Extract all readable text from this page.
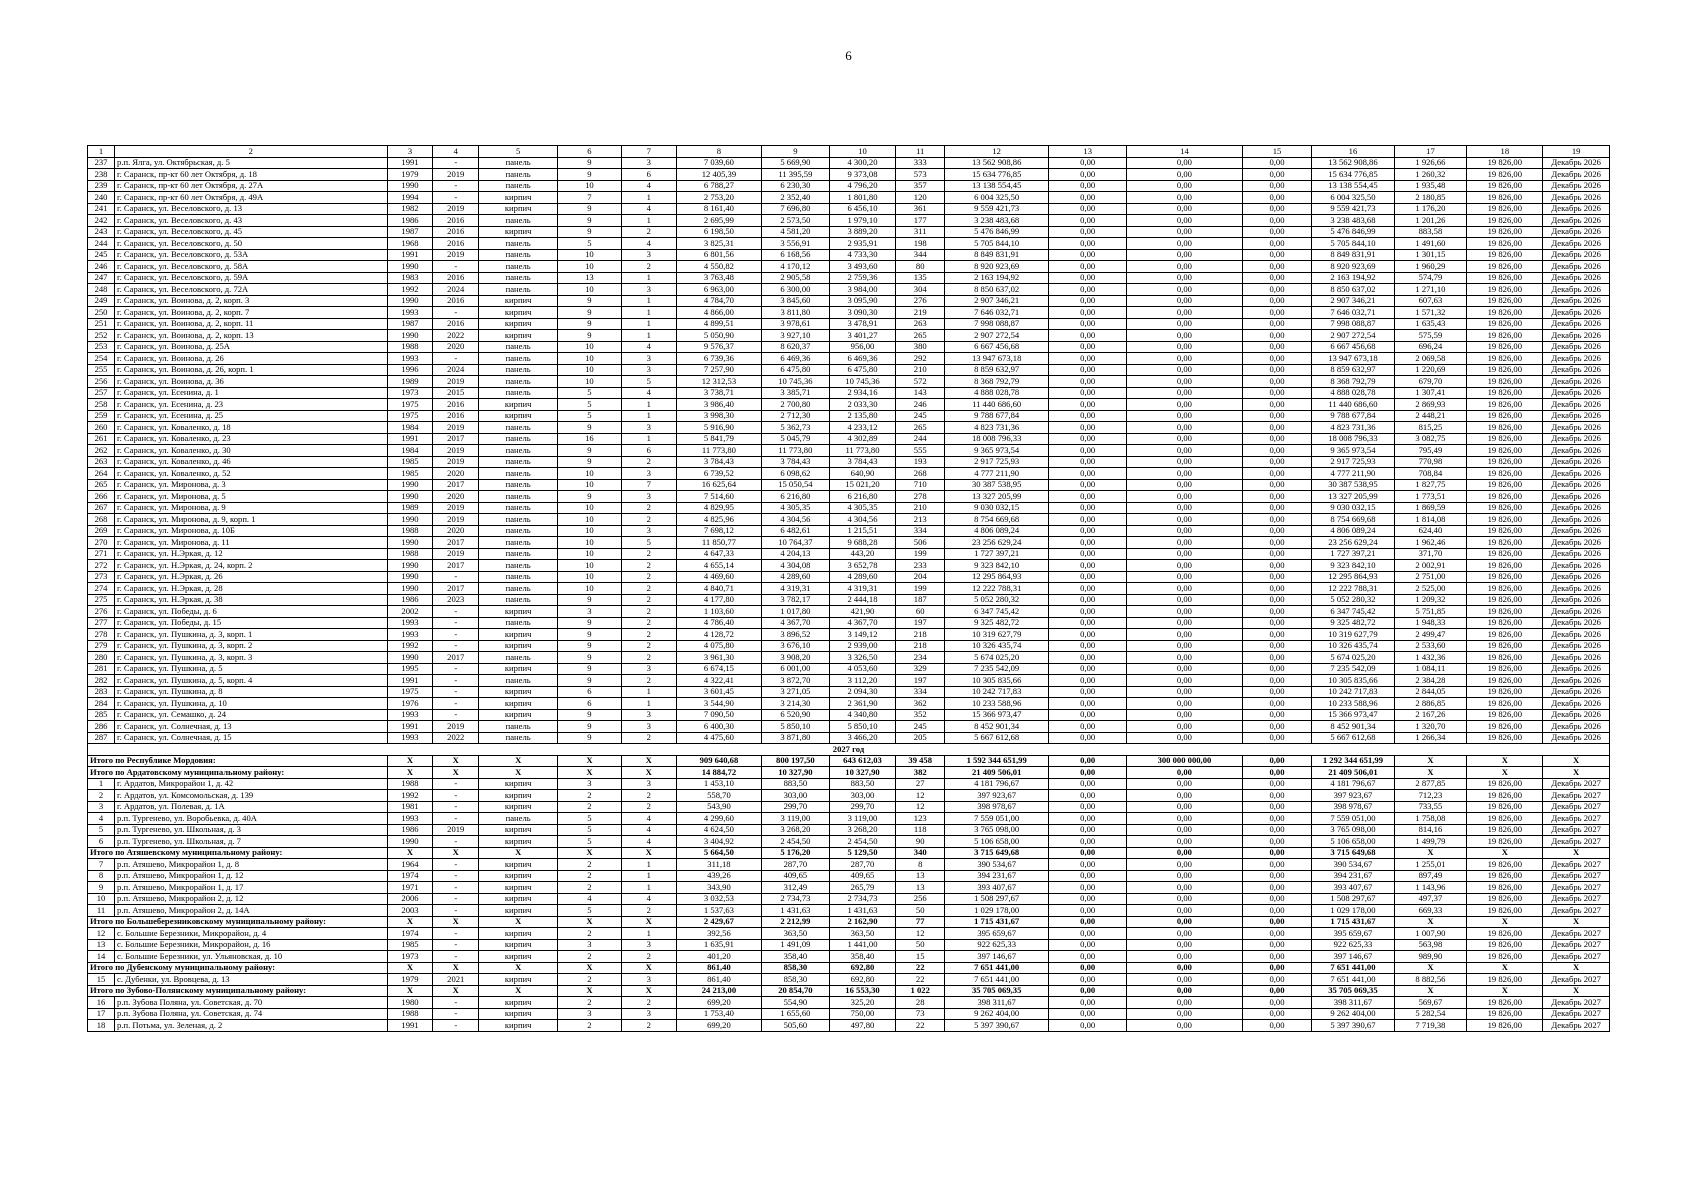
6
1	2	3	4	5	6	7	8	9	10	11	12	13	14	15	16	17	18	19
237	р.п. Ялга, ул. Октябрьская, д. 5	1991	-	панель	9	3	7 039,60	5 669,90	4 300,20	333	13 562 908,86	0,00	0,00	0,00	13 562 908,86	1 926,66	19 826,00	Декабрь 2026
238	г. Саранск, пр-кт 60 лет Октября, д. 18	1979	2019	панель	9	6	12 405,39	11 395,59	9 373,08	573	15 634 776,85	0,00	0,00	0,00	15 634 776,85	1 260,32	19 826,00	Декабрь 2026
239	г. Саранск, пр-кт 60 лет Октября, д. 27А	1990	-	панель	10	4	6 788,27	6 230,30	4 796,20	357	13 138 554,45	0,00	0,00	0,00	13 138 554,45	1 935,48	19 826,00	Декабрь 2026
240	г. Саранск, пр-кт 60 лет Октября, д. 49А	1994	-	кирпич	7	1	2 753,20	2 352,40	1 801,80	120	6 004 325,50	0,00	0,00	0,00	6 004 325,50	2 180,85	19 826,00	Декабрь 2026
241	г. Саранск, ул. Веселовского, д. 13	1982	2019	кирпич	9	4	8 161,40	7 696,80	6 456,10	361	9 559 421,73	0,00	0,00	0,00	9 559 421,73	1 176,20	19 826,00	Декабрь 2026
242	г. Саранск, ул. Веселовского, д. 43	1986	2016	панель	9	1	2 695,99	2 573,50	1 979,10	177	3 238 483,68	0,00	0,00	0,00	3 238 483,68	1 201,26	19 826,00	Декабрь 2026
243	г. Саранск, ул. Веселовского, д. 45	1987	2016	кирпич	9	2	6 198,50	4 581,20	3 889,20	311	5 476 846,99	0,00	0,00	0,00	5 476 846,99	883,58	19 826,00	Декабрь 2026
244	г. Саранск, ул. Веселовского, д. 50	1968	2016	панель	5	4	3 825,31	3 556,91	2 935,91	198	5 705 844,10	0,00	0,00	0,00	5 705 844,10	1 491,60	19 826,00	Декабрь 2026
245	г. Саранск, ул. Веселовского, д. 53А	1991	2019	панель	10	3	6 801,56	6 168,56	4 733,30	344	8 849 831,91	0,00	0,00	0,00	8 849 831,91	1 301,15	19 826,00	Декабрь 2026
246	г. Саранск, ул. Веселовского, д. 58А	1990	-	панель	10	2	4 550,82	4 170,12	3 493,60	80	8 920 923,69	0,00	0,00	0,00	8 920 923,69	1 960,29	19 826,00	Декабрь 2026
247	г. Саранск, ул. Веселовского, д. 59А	1983	2016	панель	13	1	3 763,48	2 905,58	2 759,36	135	2 163 194,92	0,00	0,00	0,00	2 163 194,92	574,79	19 826,00	Декабрь 2026
248	г. Саранск, ул. Веселовского, д. 72А	1992	2024	панель	10	3	6 963,00	6 300,00	3 984,00	304	8 850 637,02	0,00	0,00	0,00	8 850 637,02	1 271,10	19 826,00	Декабрь 2026
249	г. Саранск, ул. Воинова, д. 2, корп. 3	1990	2016	кирпич	9	1	4 784,70	3 845,60	3 095,90	276	2 907 346,21	0,00	0,00	0,00	2 907 346,21	607,63	19 826,00	Декабрь 2026
250	г. Саранск, ул. Воинова, д. 2, корп. 7	1993	-	кирпич	9	1	4 866,00	3 811,80	3 090,30	219	7 646 032,71	0,00	0,00	0,00	7 646 032,71	1 571,32	19 826,00	Декабрь 2026
251	г. Саранск, ул. Воинова, д. 2, корп. 11	1987	2016	кирпич	9	1	4 899,51	3 978,61	3 478,91	263	7 998 088,87	0,00	0,00	0,00	7 998 088,87	1 635,43	19 826,00	Декабрь 2026
252	г. Саранск, ул. Воинова, д. 2, корп. 13	1990	2022	кирпич	9	1	5 050,90	3 927,10	3 401,27	265	2 907 272,54	0,00	0,00	0,00	2 907 272,54	575,59	19 826,00	Декабрь 2026
253	г. Саранск, ул. Воинова, д. 25А	1988	2020	панель	10	4	9 576,37	8 620,37	956,00	380	6 667 456,68	0,00	0,00	0,00	6 667 456,68	696,24	19 826,00	Декабрь 2026
254	г. Саранск, ул. Воинова, д. 26	1993	-	панель	10	3	6 739,36	6 469,36	6 469,36	292	13 947 673,18	0,00	0,00	0,00	13 947 673,18	2 069,58	19 826,00	Декабрь 2026
255	г. Саранск, ул. Воинова, д. 26, корп. 1	1996	2024	панель	10	3	7 257,90	6 475,80	6 475,80	210	8 859 632,97	0,00	0,00	0,00	8 859 632,97	1 220,69	19 826,00	Декабрь 2026
256	г. Саранск, ул. Воинова, д. 36	1989	2019	панель	10	5	12 312,53	10 745,36	10 745,36	572	8 368 792,79	0,00	0,00	0,00	8 368 792,79	679,70	19 826,00	Декабрь 2026
257	г. Саранск, ул. Есенина, д. 1	1973	2015	панель	5	4	3 738,71	3 385,71	2 934,16	143	4 888 028,78	0,00	0,00	0,00	4 888 028,78	1 307,41	19 826,00	Декабрь 2026
258	г. Саранск, ул. Есенина, д. 23	1975	2016	кирпич	5	1	3 986,40	2 700,80	2 033,30	246	11 440 686,60	0,00	0,00	0,00	11 440 686,60	2 869,93	19 826,00	Декабрь 2026
259	г. Саранск, ул. Есенина, д. 25	1975	2016	кирпич	5	1	3 998,30	2 712,30	2 135,80	245	9 788 677,84	0,00	0,00	0,00	9 788 677,84	2 448,21	19 826,00	Декабрь 2026
260	г. Саранск, ул. Коваленко, д. 18	1984	2019	панель	9	3	5 916,90	5 362,73	4 233,12	265	4 823 731,36	0,00	0,00	0,00	4 823 731,36	815,25	19 826,00	Декабрь 2026
261	г. Саранск, ул. Коваленко, д. 23	1991	2017	панель	16	1	5 841,79	5 045,79	4 302,89	244	18 008 796,33	0,00	0,00	0,00	18 008 796,33	3 082,75	19 826,00	Декабрь 2026
262	г. Саранск, ул. Коваленко, д. 30	1984	2019	панель	9	6	11 773,80	11 773,80	11 773,80	555	9 365 973,54	0,00	0,00	0,00	9 365 973,54	795,49	19 826,00	Декабрь 2026
263	г. Саранск, ул. Коваленко, д. 46	1985	2019	панель	9	2	3 784,43	3 784,43	3 784,43	193	2 917 725,93	0,00	0,00	0,00	2 917 725,93	770,98	19 826,00	Декабрь 2026
264	г. Саранск, ул. Коваленко, д. 52	1985	2020	панель	10	3	6 739,52	6 098,62	640,90	268	4 777 211,90	0,00	0,00	0,00	4 777 211,90	708,84	19 826,00	Декабрь 2026
265	г. Саранск, ул. Миронова, д. 3	1990	2017	панель	10	7	16 625,64	15 050,54	15 021,20	710	30 387 538,95	0,00	0,00	0,00	30 387 538,95	1 827,75	19 826,00	Декабрь 2026
266	г. Саранск, ул. Миронова, д. 5	1990	2020	панель	9	3	7 514,60	6 216,80	6 216,80	278	13 327 205,99	0,00	0,00	0,00	13 327 205,99	1 773,51	19 826,00	Декабрь 2026
267	г. Саранск, ул. Миронова, д. 9	1989	2019	панель	10	2	4 829,95	4 305,35	4 305,35	210	9 030 032,15	0,00	0,00	0,00	9 030 032,15	1 869,59	19 826,00	Декабрь 2026
268	г. Саранск, ул. Миронова, д. 9, корп. 1	1990	2019	панель	10	2	4 825,96	4 304,56	4 304,56	213	8 754 669,68	0,00	0,00	0,00	8 754 669,68	1 814,08	19 826,00	Декабрь 2026
269	г. Саранск, ул. Миронова, д. 10Б	1988	2020	панель	10	3	7 698,12	6 482,61	1 215,51	334	4 806 089,24	0,00	0,00	0,00	4 806 089,24	624,40	19 826,00	Декабрь 2026
270	г. Саранск, ул. Миронова, д. 11	1990	2017	панель	10	5	11 850,77	10 764,37	9 688,28	506	23 256 629,24	0,00	0,00	0,00	23 256 629,24	1 962,46	19 826,00	Декабрь 2026
271	г. Саранск, ул. Н.Эркая, д. 12	1988	2019	панель	10	2	4 647,33	4 204,13	443,20	199	1 727 397,21	0,00	0,00	0,00	1 727 397,21	371,70	19 826,00	Декабрь 2026
272	г. Саранск, ул. Н.Эркая, д. 24, корп. 2	1990	2017	панель	10	2	4 655,14	4 304,08	3 652,78	233	9 323 842,10	0,00	0,00	0,00	9 323 842,10	2 002,91	19 826,00	Декабрь 2026
273	г. Саранск, ул. Н.Эркая, д. 26	1990	-	панель	10	2	4 469,60	4 289,60	4 289,60	204	12 295 864,93	0,00	0,00	0,00	12 295 864,93	2 751,00	19 826,00	Декабрь 2026
274	г. Саранск, ул. Н.Эркая, д. 28	1990	2017	панель	10	2	4 840,71	4 319,31	4 319,31	199	12 222 788,31	0,00	0,00	0,00	12 222 788,31	2 525,00	19 826,00	Декабрь 2026
275	г. Саранск, ул. Н.Эркая, д. 38	1986	2023	панель	9	2	4 177,80	3 782,17	2 444,18	187	5 052 280,32	0,00	0,00	0,00	5 052 280,32	1 209,32	19 826,00	Декабрь 2026
276	г. Саранск, ул. Победы, д. 6	2002	-	кирпич	3	2	1 103,60	1 017,80	421,90	60	6 347 745,42	0,00	0,00	0,00	6 347 745,42	5 751,85	19 826,00	Декабрь 2026
277	г. Саранск, ул. Победы, д. 15	1993	-	панель	9	2	4 786,40	4 367,70	4 367,70	197	9 325 482,72	0,00	0,00	0,00	9 325 482,72	1 948,33	19 826,00	Декабрь 2026
278	г. Саранск, ул. Пушкина, д. 3, корп. 1	1993	-	кирпич	9	2	4 128,72	3 896,52	3 149,12	218	10 319 627,79	0,00	0,00	0,00	10 319 627,79	2 499,47	19 826,00	Декабрь 2026
279	г. Саранск, ул. Пушкина, д. 3, корп. 2	1992	-	кирпич	9	2	4 075,80	3 676,10	2 939,00	218	10 326 435,74	0,00	0,00	0,00	10 326 435,74	2 533,60	19 826,00	Декабрь 2026
280	г. Саранск, ул. Пушкина, д. 3, корп. 3	1990	2017	панель	9	2	3 961,30	3 908,20	3 326,50	234	5 674 025,20	0,00	0,00	0,00	5 674 025,20	1 432,36	19 826,00	Декабрь 2026
281	г. Саранск, ул. Пушкина, д. 5	1995	-	кирпич	9	3	6 674,15	6 001,00	4 053,60	329	7 235 542,09	0,00	0,00	0,00	7 235 542,09	1 084,11	19 826,00	Декабрь 2026
282	г. Саранск, ул. Пушкина, д. 5, корп. 4	1991	-	панель	9	2	4 322,41	3 872,70	3 112,20	197	10 305 835,66	0,00	0,00	0,00	10 305 835,66	2 384,28	19 826,00	Декабрь 2026
283	г. Саранск, ул. Пушкина, д. 8	1975	-	кирпич	6	1	3 601,45	3 271,05	2 094,30	334	10 242 717,83	0,00	0,00	0,00	10 242 717,83	2 844,05	19 826,00	Декабрь 2026
284	г. Саранск, ул. Пушкина, д. 10	1976	-	кирпич	6	1	3 544,90	3 214,30	2 361,90	362	10 233 588,96	0,00	0,00	0,00	10 233 588,96	2 886,85	19 826,00	Декабрь 2026
285	г. Саранск, ул. Семашко, д. 24	1993	-	кирпич	9	3	7 090,50	6 520,90	4 340,80	352	15 366 973,47	0,00	0,00	0,00	15 366 973,47	2 167,26	19 826,00	Декабрь 2026
286	г. Саранск, ул. Солнечная, д. 13	1991	2019	панель	9	3	6 400,30	5 850,10	5 850,10	245	8 452 901,34	0,00	0,00	0,00	8 452 901,34	1 320,70	19 826,00	Декабрь 2026
287	г. Саранск, ул. Солнечная, д. 15	1993	2022	панель	9	2	4 475,60	3 871,80	3 466,20	205	5 667 612,68	0,00	0,00	0,00	5 667 612,68	1 266,34	19 826,00	Декабрь 2026
2027 год																		
Итого по Республике Мордовия:		X	X	X	X	X	909 640,68	800 197,50	643 612,03	39 458	1 592 344 651,99	0,00	300 000 000,00	0,00	1 292 344 651,99	X	X	X
Итого по Ардатовскому муниципальному району:		X	X	X	X	X	14 884,72	10 327,90	10 327,90	382	21 409 506,01	0,00	0,00	0,00	21 409 506,01	X	X	X
1	г. Ардатов, Микрорайон 1, д. 42	1988	-	кирпич	3	3	1 453,10	883,50	883,50	27	4 181 796,67	0,00	0,00	0,00	4 181 796,67	2 877,85	19 826,00	Декабрь 2027
2	г. Ардатов, ул. Комсомольская, д. 139	1992	-	кирпич	2	2	558,70	303,00	303,00	12	397 923,67	0,00	0,00	0,00	397 923,67	712,23	19 826,00	Декабрь 2027
3	г. Ардатов, ул. Полевая, д. 1А	1981	-	кирпич	2	2	543,90	299,70	299,70	12	398 978,67	0,00	0,00	0,00	398 978,67	733,55	19 826,00	Декабрь 2027
4	р.п. Тургенево, ул. Воробьевка, д. 40А	1993	-	панель	5	4	4 299,60	3 119,00	3 119,00	123	7 559 051,00	0,00	0,00	0,00	7 559 051,00	1 758,08	19 826,00	Декабрь 2027
5	р.п. Тургенево, ул. Школьная, д. 3	1986	2019	кирпич	5	4	4 624,50	3 268,20	3 268,20	118	3 765 098,00	0,00	0,00	0,00	3 765 098,00	814,16	19 826,00	Декабрь 2027
6	р.п. Тургенево, ул. Школьная, д. 7	1990	-	кирпич	5	4	3 404,92	2 454,50	2 454,50	90	5 106 658,00	0,00	0,00	0,00	5 106 658,00	1 499,79	19 826,00	Декабрь 2027
Итого по Атяшевскому муниципальному району:		X	X	X	X	X	5 664,50	5 176,20	5 129,50	340	3 715 649,68	0,00	0,00	0,00	3 715 649,68	X	X	X
7	р.п. Атяшево, Микрорайон 1, д. 8	1964	-	кирпич	2	1	311,18	287,70	287,70	8	390 534,67	0,00	0,00	0,00	390 534,67	1 255,01	19 826,00	Декабрь 2027
8	р.п. Атяшево, Микрорайон 1, д. 12	1974	-	кирпич	2	1	439,26	409,65	409,65	13	394 231,67	0,00	0,00	0,00	394 231,67	897,49	19 826,00	Декабрь 2027
9	р.п. Атяшево, Микрорайон 1, д. 17	1971	-	кирпич	2	1	343,90	312,49	265,79	13	393 407,67	0,00	0,00	0,00	393 407,67	1 143,96	19 826,00	Декабрь 2027
10	р.п. Атяшево, Микрорайон 2, д. 12	2006	-	кирпич	4	4	3 032,53	2 734,73	2 734,73	256	1 508 297,67	0,00	0,00	0,00	1 508 297,67	497,37	19 826,00	Декабрь 2027
11	р.п. Атяшево, Микрорайон 2, д. 14А	2003	-	кирпич	5	2	1 537,63	1 431,63	1 431,63	50	1 029 178,00	0,00	0,00	0,00	1 029 178,00	669,33	19 826,00	Декабрь 2027
Итого по Большеберезниковскому муниципальному району:		X	X	X	X	X	2 429,67	2 212,99	2 162,90	77	1 715 431,67	0,00	0,00	0,00	1 715 431,67	X	X	X
12	с. Большие Березники, Микрорайон, д. 4	1974	-	кирпич	2	1	392,56	363,50	363,50	12	395 659,67	0,00	0,00	0,00	395 659,67	1 007,90	19 826,00	Декабрь 2027
13	с. Большие Березники, Микрорайон, д. 16	1985	-	кирпич	3	3	1 635,91	1 491,09	1 441,00	50	922 625,33	0,00	0,00	0,00	922 625,33	563,98	19 826,00	Декабрь 2027
14	с. Большие Березники, ул. Ульяновская, д. 10	1973	-	кирпич	2	2	401,20	358,40	358,40	15	397 146,67	0,00	0,00	0,00	397 146,67	989,90	19 826,00	Декабрь 2027
Итого по Дубенскому муниципальному району:		X	X	X	X	X	861,40	858,30	692,80	22	7 651 441,00	0,00	0,00	0,00	7 651 441,00	X	X	X
15	с. Дубенки, ул. Вровцева, д. 13	1979	2021	кирпич	2	3	861,40	858,30	692,80	22	7 651 441,00	0,00	0,00	0,00	7 651 441,00	8 882,56	19 826,00	Декабрь 2027
Итого по Зубово-Полянскому муниципальному району:		X	X	X	X	X	24 213,00	20 854,70	16 553,30	1 022	35 705 069,35	0,00	0,00	0,00	35 705 069,35	X	X	X
16	р.п. Зубова Поляна, ул. Советская, д. 70	1980	-	кирпич	2	2	699,20	554,90	325,20	28	398 311,67	0,00	0,00	0,00	398 311,67	569,67	19 826,00	Декабрь 2027
17	р.п. Зубова Поляна, ул. Советская, д. 74	1988	-	кирпич	3	3	1 753,40	1 655,60	750,00	73	9 262 404,00	0,00	0,00	0,00	9 262 404,00	5 282,54	19 826,00	Декабрь 2027
18	р.п. Потьма, ул. Зеленая, д. 2	1991	-	кирпич	2	2	699,20	505,60	497,80	22	5 397 390,67	0,00	0,00	0,00	5 397 390,67	7 719,38	19 826,00	Декабрь 2027
